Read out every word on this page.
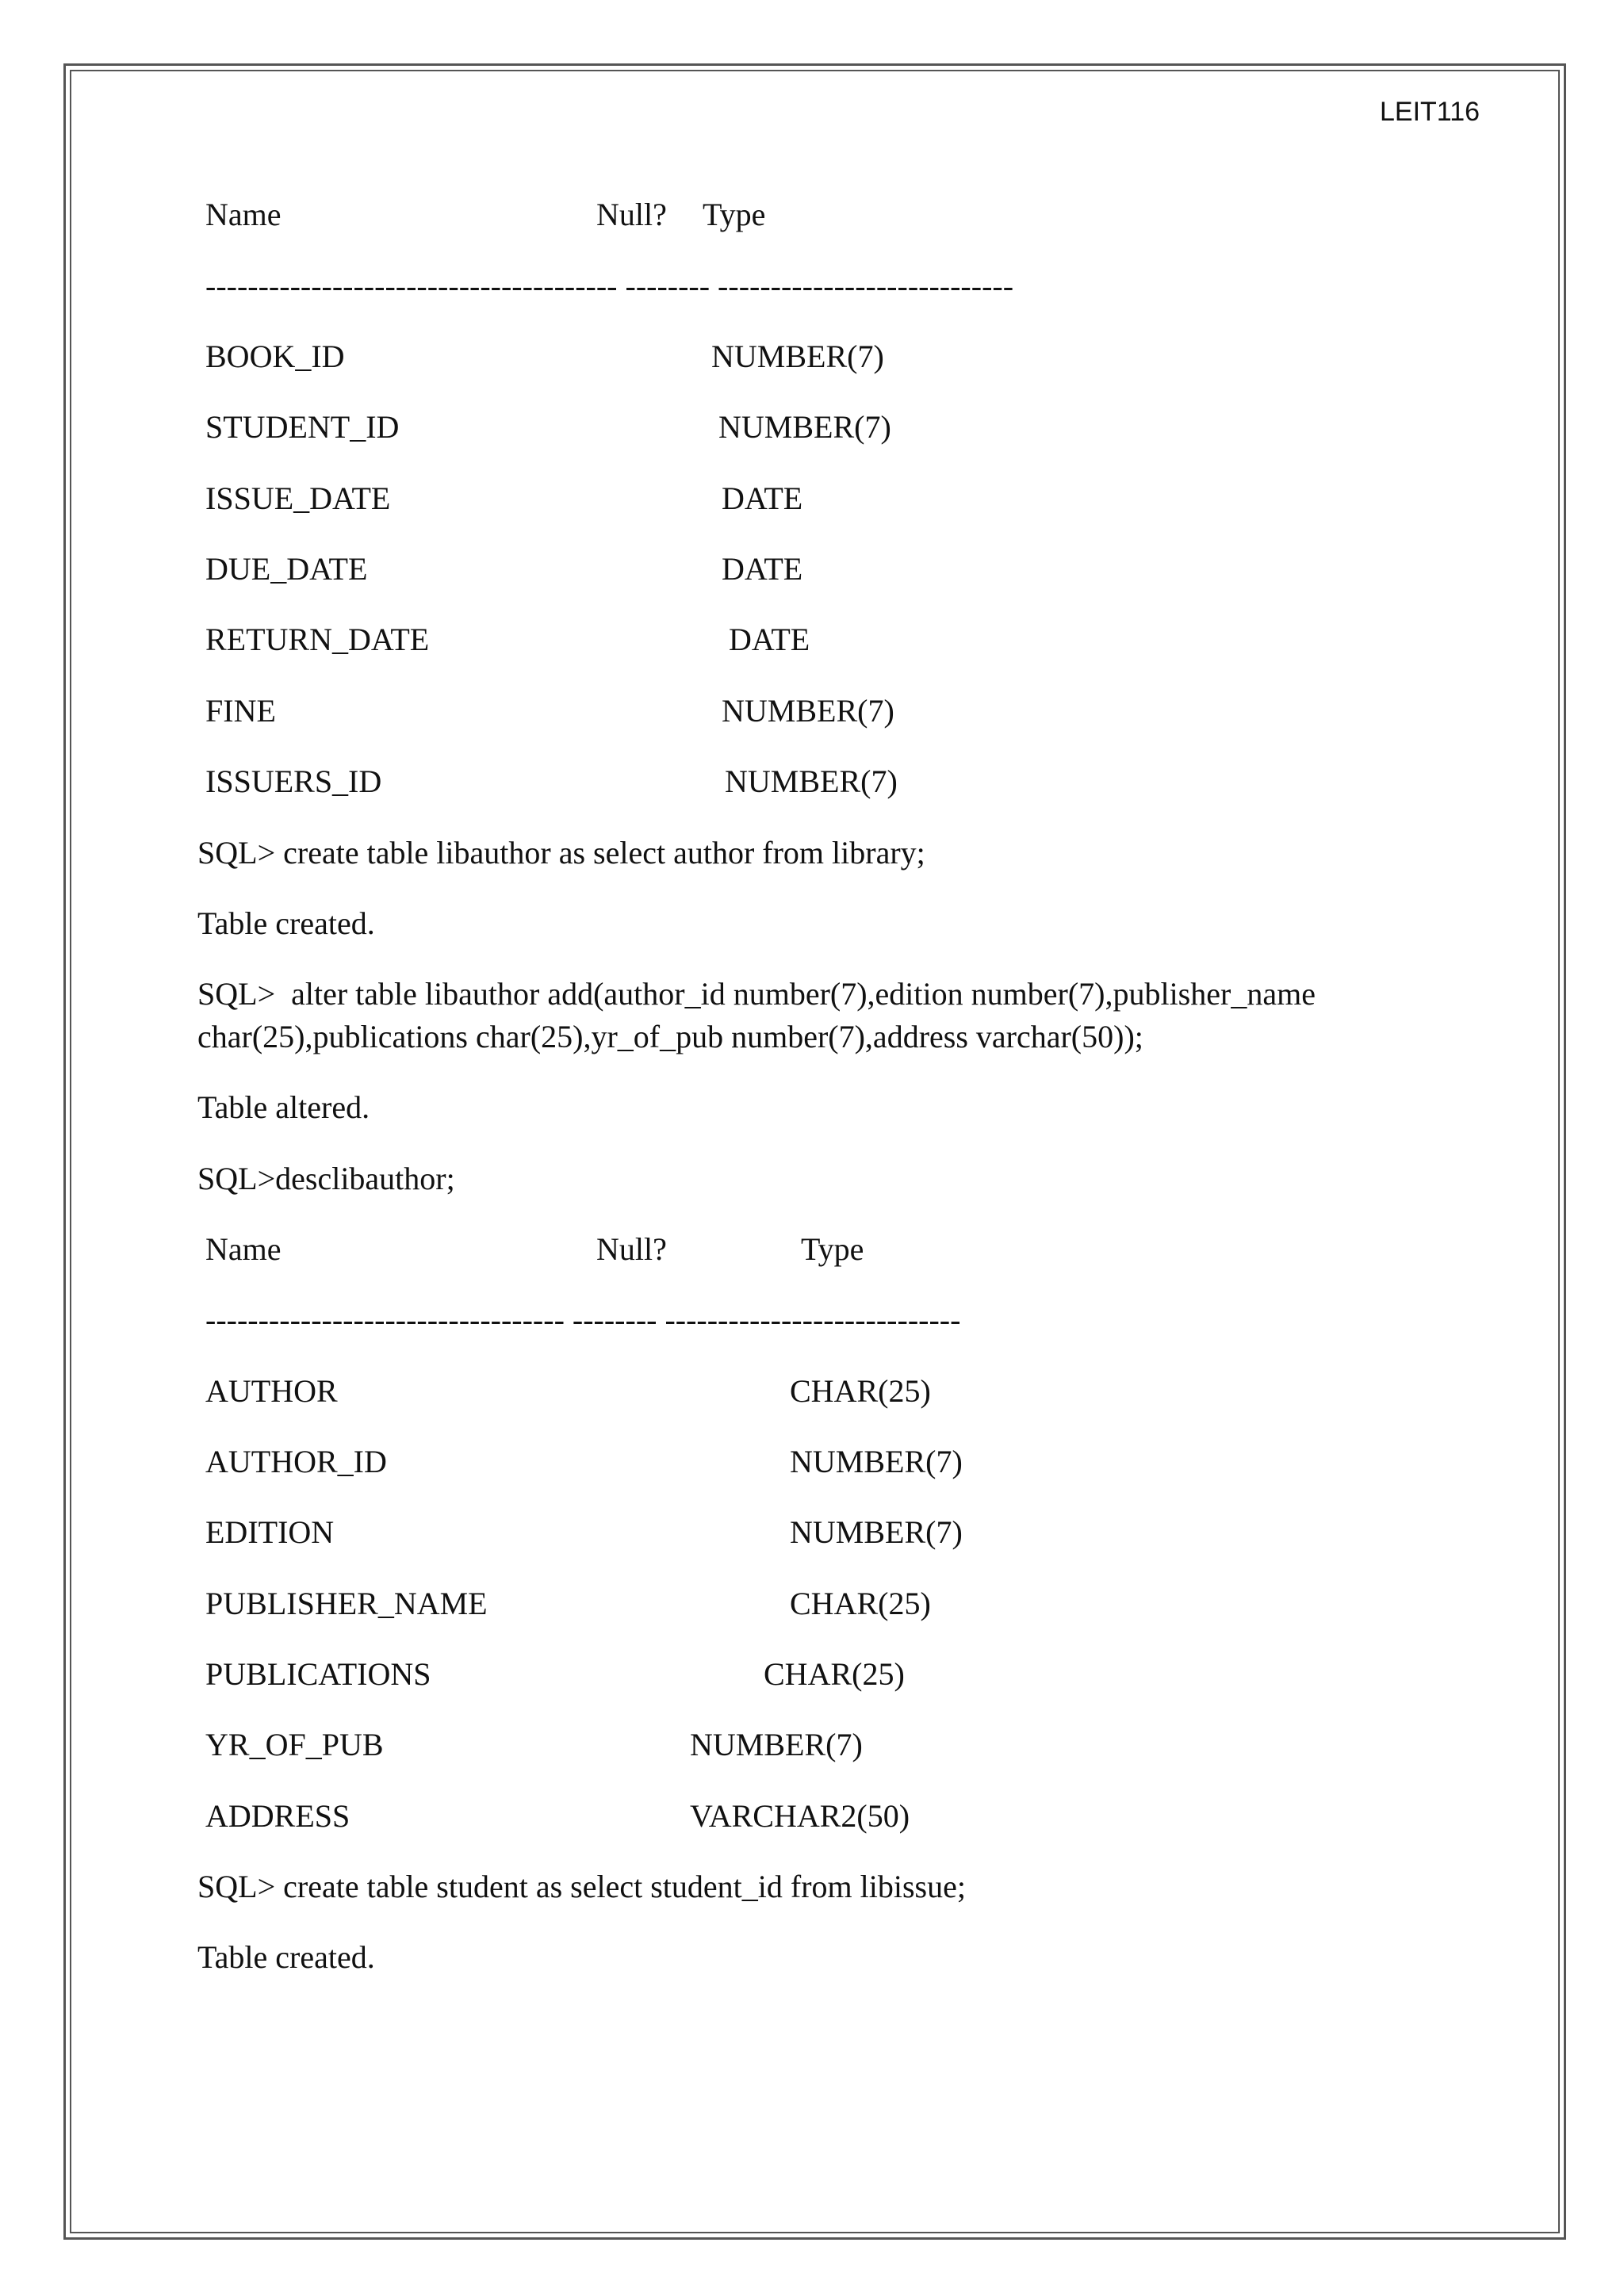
LEIT116
Name	Null? Type
--------------------------------------- -------- ----------------------------
BOOK_ID	NUMBER(7)
STUDENT_ID	NUMBER(7)
ISSUE_DATE	DATE
DUE_DATE	DATE
RETURN_DATE	DATE
FINE	NUMBER(7)
ISSUERS_ID	NUMBER(7)
SQL> create table libauthor as select author from library;
Table created.
SQL>  alter table libauthor add(author_id number(7),edition number(7),publisher_name
char(25),publications char(25),yr_of_pub number(7),address varchar(50));
Table altered.
SQL>desclibauthor;
Name	Null?	Type
---------------------------------- -------- ----------------------------
AUTHOR	CHAR(25)
AUTHOR_ID	NUMBER(7)
EDITION	NUMBER(7)
PUBLISHER_NAME	CHAR(25)
PUBLICATIONS	CHAR(25)
YR_OF_PUB	NUMBER(7)
ADDRESS	VARCHAR2(50)
SQL> create table student as select student_id from libissue;
Table created.
